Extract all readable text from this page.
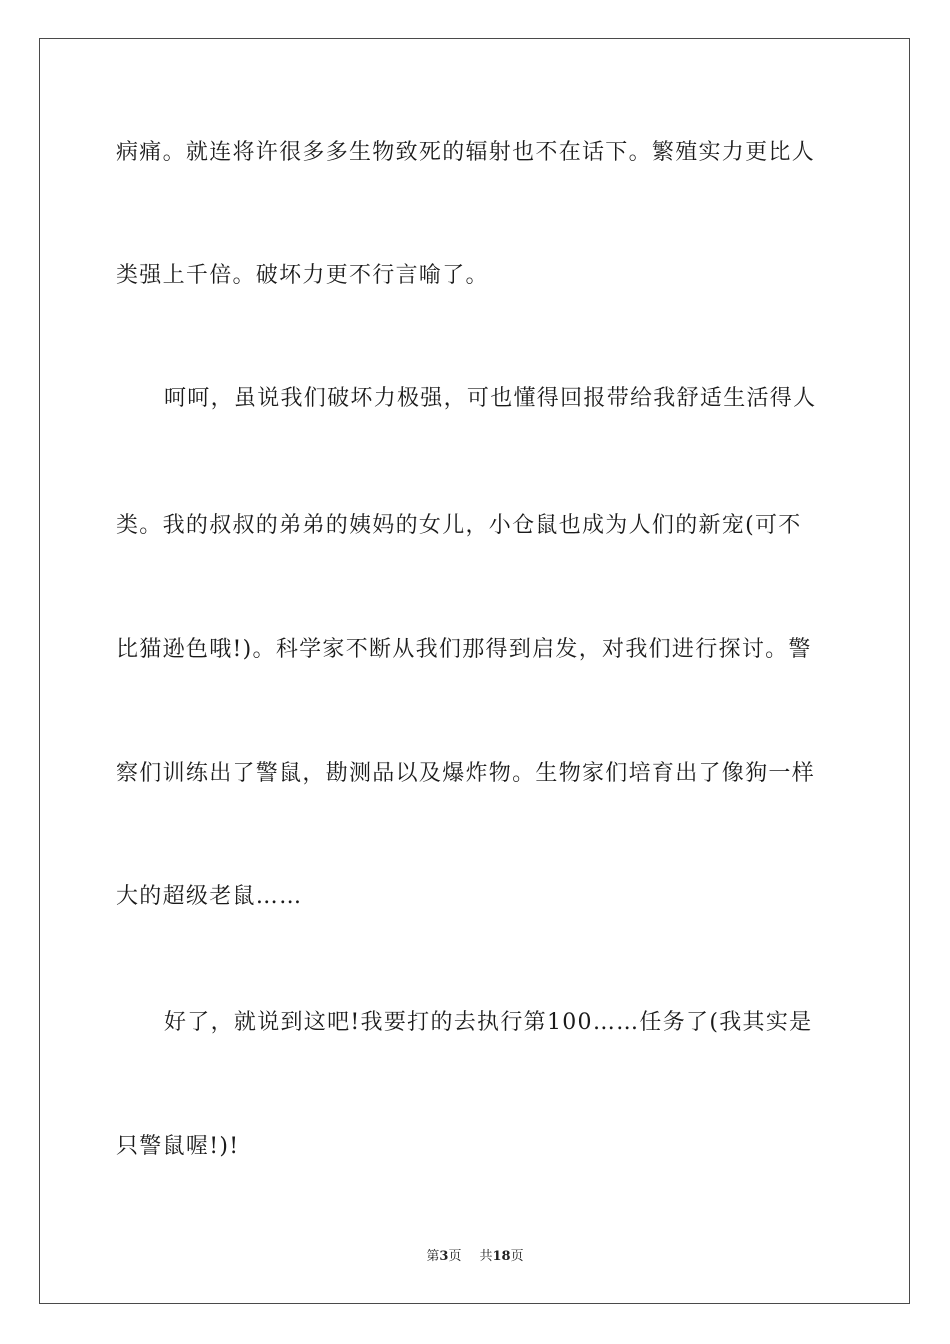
病痛。就连将许很多多生物致死的辐射也不在话下。繁殖实力更比人
类强上千倍。破坏力更不行言喻了。
呵呵，虽说我们破坏力极强，可也懂得回报带给我舒适生活得人
类。我的叔叔的弟弟的姨妈的女儿，小仓鼠也成为人们的新宠(可不
比猫逊色哦!)。科学家不断从我们那得到启发，对我们进行探讨。警
察们训练出了警鼠，勘测品以及爆炸物。生物家们培育出了像狗一样
大的超级老鼠……
好了，就说到这吧!我要打的去执行第100……任务了(我其实是
只警鼠喔!)!
第3页 共18页
